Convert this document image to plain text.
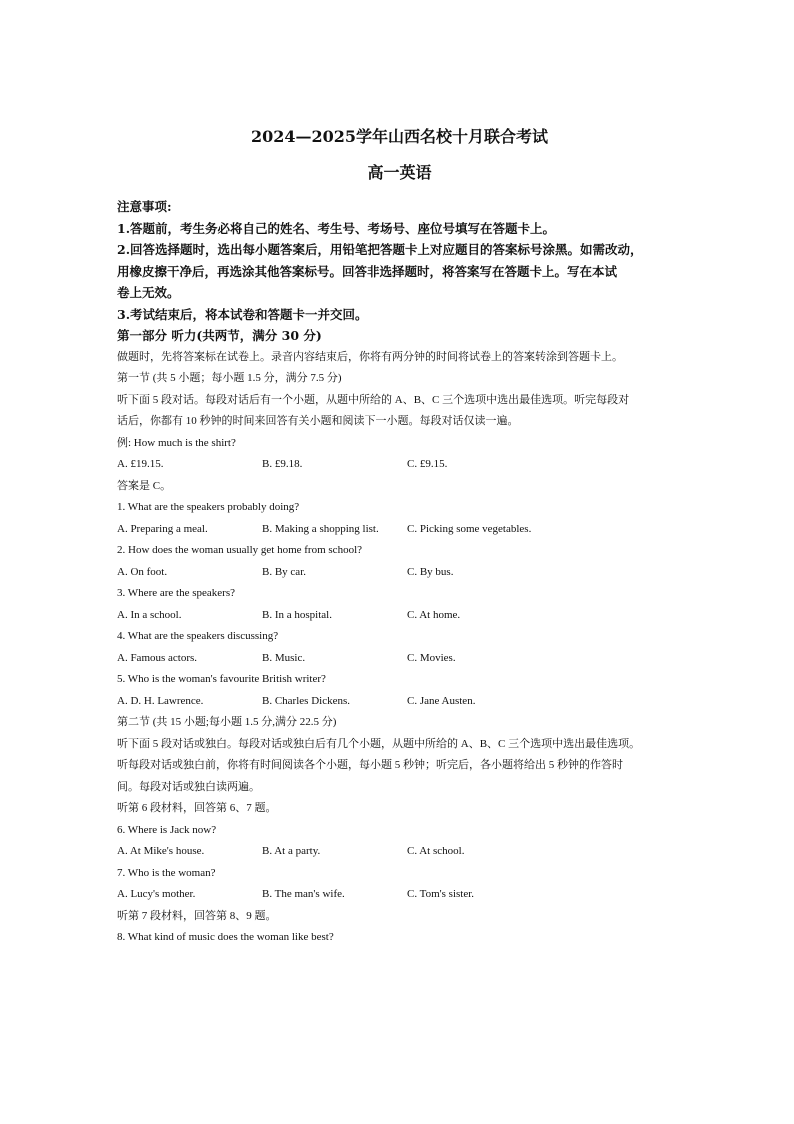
2024—2025学年山西名校十月联合考试

高一英语

注意事项:

1.答题前，考生务必将自己的姓名、考生号、考场号、座位号填写在答题卡上。

2.回答选择题时，选出每小题答案后，用铅笔把答题卡上对应题目的答案标号涂黑。如需改动，

用橡皮擦干净后，再选涂其他答案标号。回答非选择题时，将答案写在答题卡上。写在本试

卷上无效。

3.考试结束后，将本试卷和答题卡一并交回。

第一部分 听力(共两节，满分 30 分)

做题时，先将答案标在试卷上。录音内容结束后，你将有两分钟的时间将试卷上的答案转涂到答题卡上。

第一节 (共 5 小题；每小题 1.5 分，满分 7.5 分)

听下面 5 段对话。每段对话后有一个小题，从题中所给的 A、B、C 三个选项中选出最佳选项。听完每段对

话后，你都有 10 秒钟的时间来回答有关小题和阅读下一小题。每段对话仅读一遍。

例: How much is the shirt?

A. £19.15.	B. £9.18.	C. £9.15.

答案是 C。

1. What are the speakers probably doing?

A. Preparing a meal.	B. Making a shopping list.	C. Picking some vegetables.

2. How does the woman usually get home from school?

A. On foot.	B. By car.	C. By bus.

3. Where are the speakers?

A. In a school.	B. In a hospital.	C. At home.

4. What are the speakers discussing?

A. Famous actors.	B. Music.	C. Movies.

5. Who is the woman's favourite British writer?

A. D. H. Lawrence.	B. Charles Dickens.	C. Jane Austen.

第二节 (共 15 小题;每小题 1.5 分,满分 22.5 分)

听下面 5 段对话或独白。每段对话或独白后有几个小题，从题中所给的 A、B、C 三个选项中选出最佳选项。

听每段对话或独白前，你将有时间阅读各个小题，每小题 5 秒钟；听完后，各小题将给出 5 秒钟的作答时

间。每段对话或独白读两遍。

听第 6 段材料，回答第 6、7 题。

6. Where is Jack now?

A. At Mike's house.	B. At a party.	C. At school.

7. Who is the woman?

A. Lucy's mother.	B. The man's wife.	C. Tom's sister.

听第 7 段材料，回答第 8、9 题。

8. What kind of music does the woman like best?
